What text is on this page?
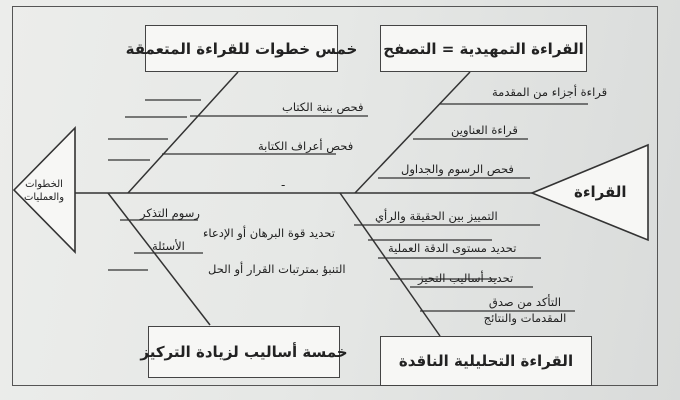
القراءة
الخطوات والعمليات
خمس خطوات للقراءة المتعمقة القراءة التمهيدية = التصفح
خمسة أساليب لزيادة التركيز	القراءة التحليلية الناقدة
فحص بنية الكتاب
فحص أعراف الكتابة
-
قراءة أجزاء من المقدمة
قراءة العناوين
فحص الرسوم والجداول
رسوم التذكر
الأسئلة
التمييز بين الحقيقة والرأي
تحديد قوة البرهان أو الإدعاء
تحديد مستوى الدقة العملية
التنبؤ بمترتبات القرار أو الحل
تحديد أساليب التحيز
التأكد من صدق المقدمات والنتائج
